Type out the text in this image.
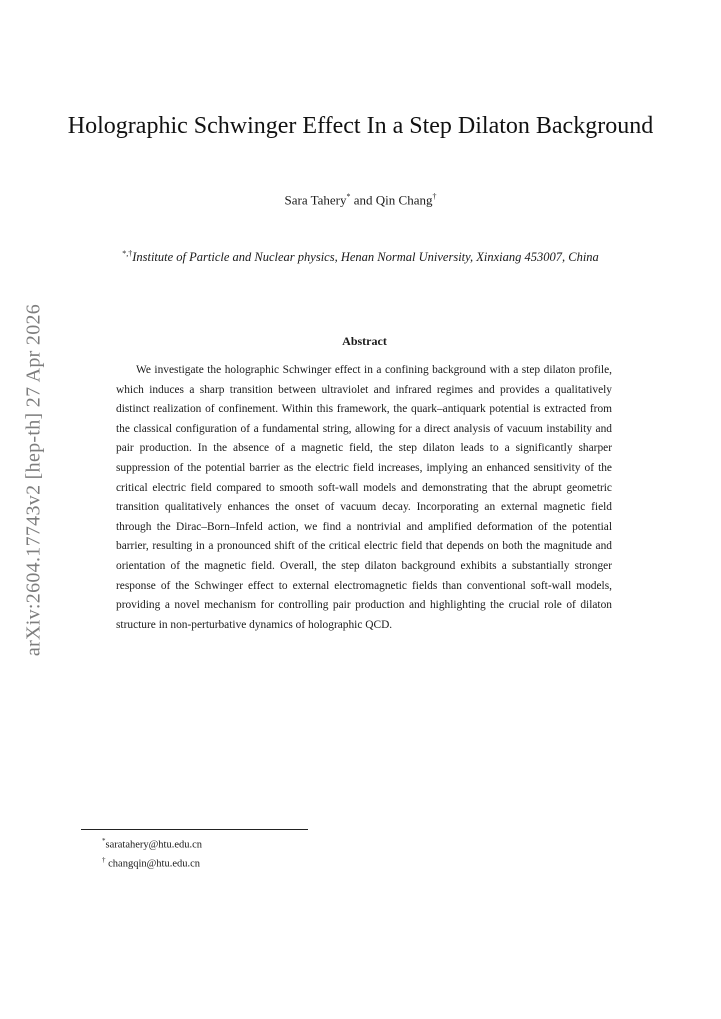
arXiv:2604.17743v2 [hep-th] 27 Apr 2026
Holographic Schwinger Effect In a Step Dilaton Background
Sara Tahery* and Qin Chang†
*,†Institute of Particle and Nuclear physics, Henan Normal University, Xinxiang 453007, China
Abstract
We investigate the holographic Schwinger effect in a confining background with a step dilaton profile, which induces a sharp transition between ultraviolet and infrared regimes and provides a qualitatively distinct realization of confinement. Within this framework, the quark–antiquark potential is extracted from the classical configuration of a fundamental string, allowing for a direct analysis of vacuum instability and pair production. In the absence of a magnetic field, the step dilaton leads to a significantly sharper suppression of the potential barrier as the electric field increases, implying an enhanced sensitivity of the critical electric field compared to smooth soft-wall models and demonstrating that the abrupt geometric transition qualitatively enhances the onset of vacuum decay. Incorporating an external magnetic field through the Dirac–Born–Infeld action, we find a nontrivial and amplified deformation of the potential barrier, resulting in a pronounced shift of the critical electric field that depends on both the magnitude and orientation of the magnetic field. Overall, the step dilaton background exhibits a substantially stronger response of the Schwinger effect to external electromagnetic fields than conventional soft-wall models, providing a novel mechanism for controlling pair production and highlighting the crucial role of dilaton structure in non-perturbative dynamics of holographic QCD.
*saratahery@htu.edu.cn
† changqin@htu.edu.cn
